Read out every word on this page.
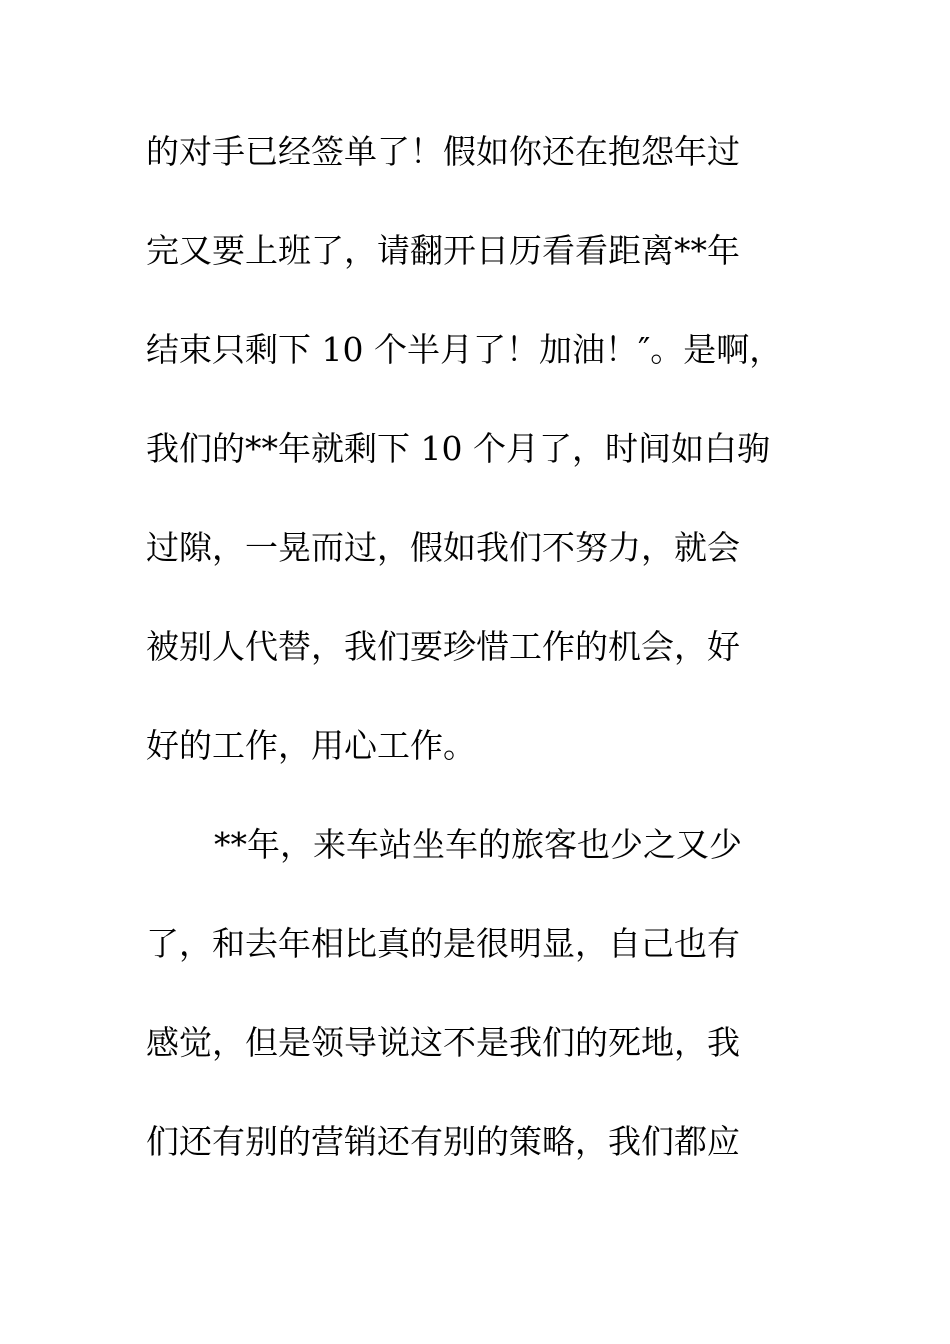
的对手已经签单了！假如你还在抱怨年过
完又要上班了，请翻开日历看看距离**年
结束只剩下 10 个半月了！加油！″。是啊，
我们的**年就剩下 10 个月了，时间如白驹
过隙，一晃而过，假如我们不努力，就会
被别人代替，我们要珍惜工作的机会，好
好的工作，用心工作。
**年，来车站坐车的旅客也少之又少
了，和去年相比真的是很明显，自己也有
感觉，但是领导说这不是我们的死地，我
们还有别的营销还有别的策略，我们都应
